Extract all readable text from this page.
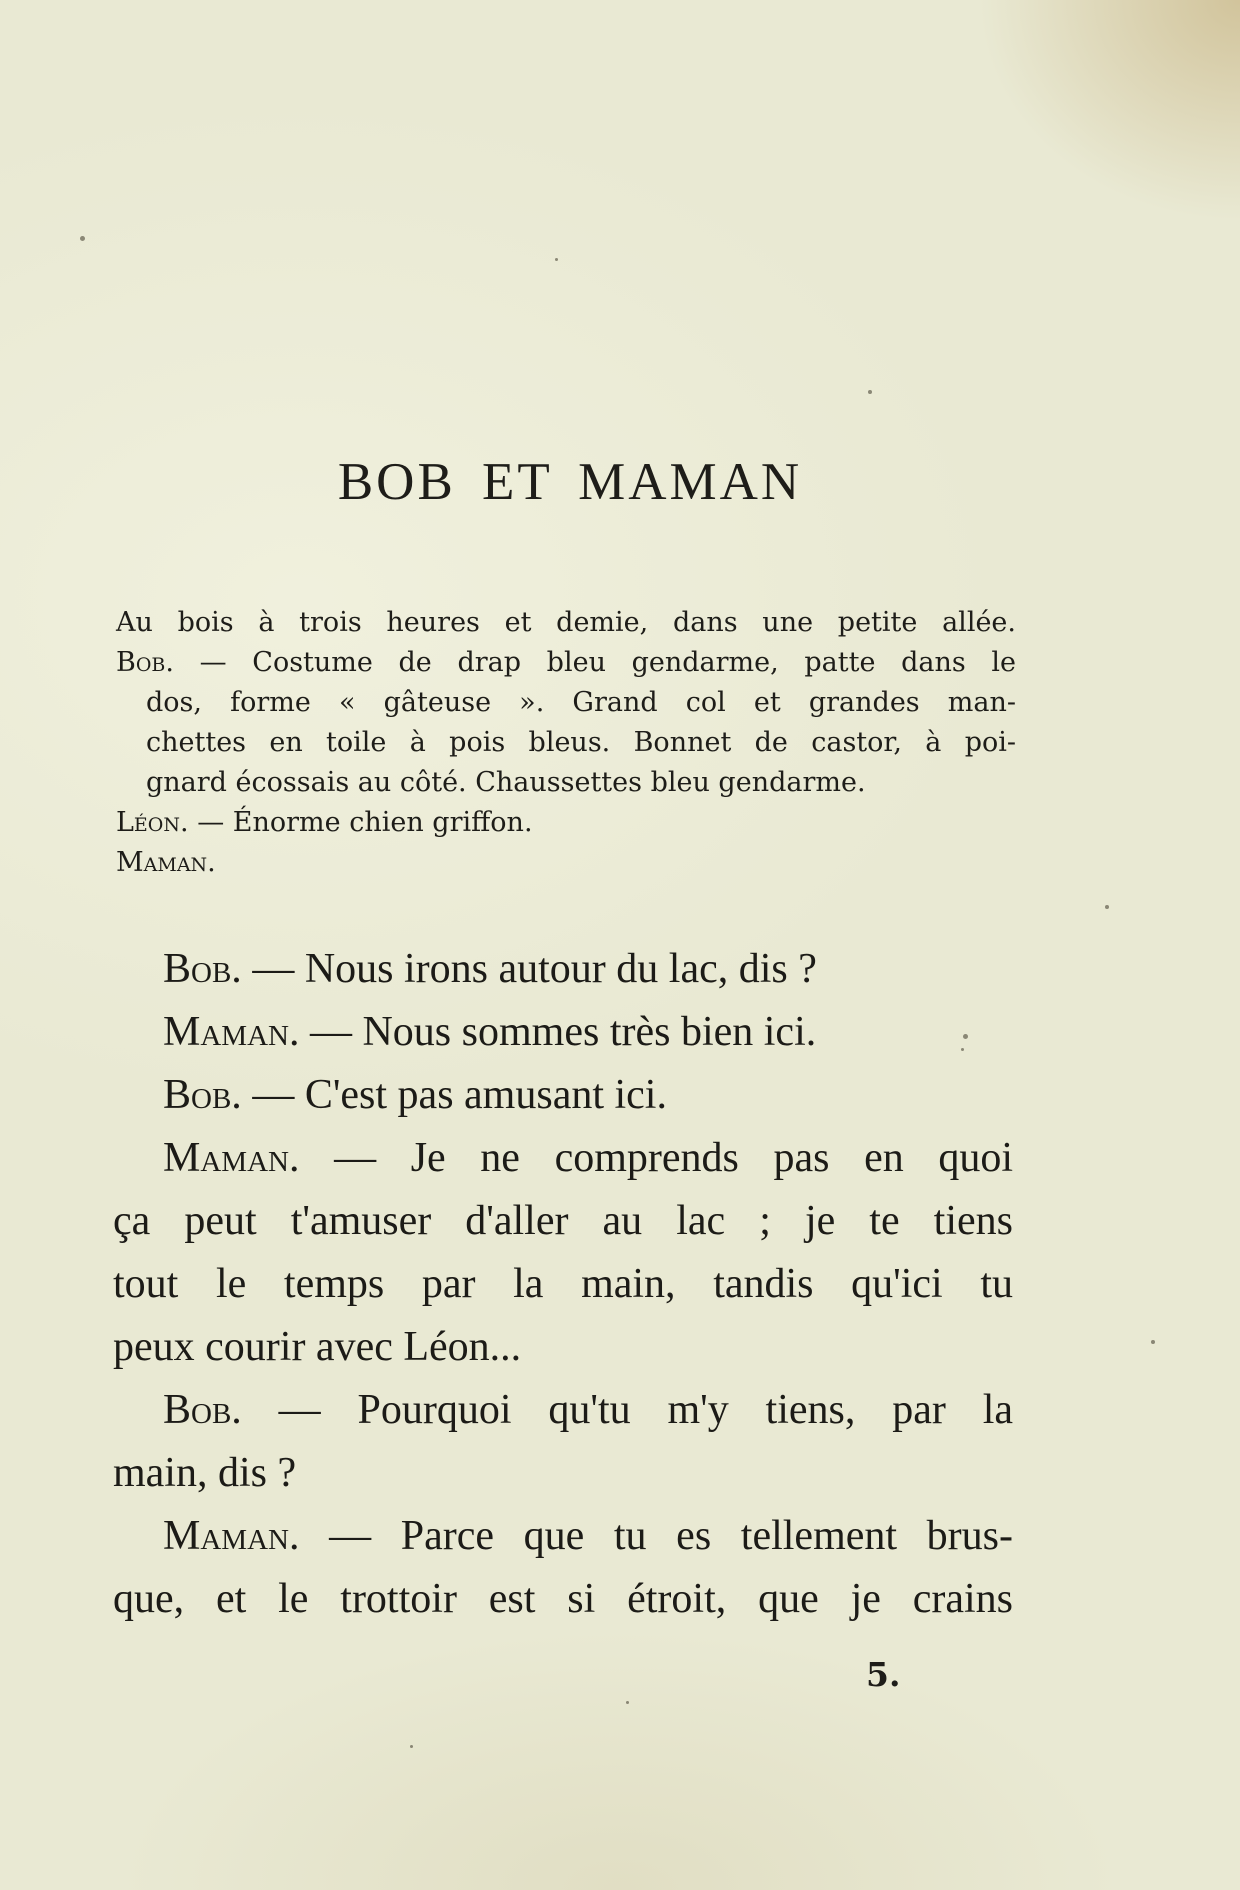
BOB ET MAMAN
Au bois à trois heures et demie, dans une petite allée.
Bob. — Costume de drap bleu gendarme, patte dans le
dos, forme « gâteuse ». Grand col et grandes man-
chettes en toile à pois bleus. Bonnet de castor, à poi-
gnard écossais au côté. Chaussettes bleu gendarme.
Léon. — Énorme chien griffon.
Maman.
Bob. — Nous irons autour du lac, dis ?
Maman. — Nous sommes très bien ici.
Bob. — C'est pas amusant ici.
Maman. — Je ne comprends pas en quoi
ça peut t'amuser d'aller au lac ; je te tiens
tout le temps par la main, tandis qu'ici tu
peux courir avec Léon...
Bob. — Pourquoi qu'tu m'y tiens, par la
main, dis ?
Maman. — Parce que tu es tellement brus-
que, et le trottoir est si étroit, que je crains
5.
